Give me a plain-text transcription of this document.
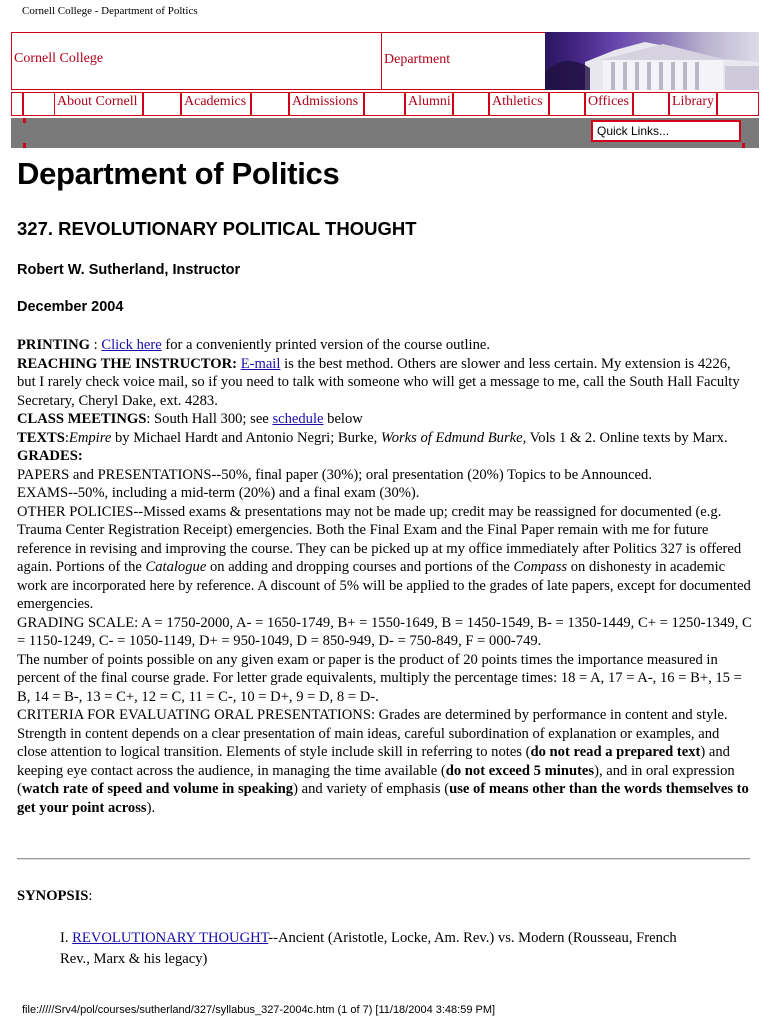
Cornell College - Department of Poltics
Cornell College	Department
About Cornell	Academics	Admissions	Alumni	Athletics	Offices	Library
Quick Links...
Department of Politics
327. REVOLUTIONARY POLITICAL THOUGHT
Robert W. Sutherland, Instructor
December 2004

PRINTING : Click here for a conveniently printed version of the course outline.

REACHING THE INSTRUCTOR: E-mail is the best method. Others are slower and less certain. My extension is 4226, but I rarely check voice mail, so if you need to talk with someone who will get a message to me, call the South Hall Faculty Secretary, Cheryl Dake, ext. 4283.

CLASS MEETINGS: South Hall 300; see schedule below

TEXTS:Empire by Michael Hardt and Antonio Negri; Burke, Works of Edmund Burke, Vols 1 & 2. Online texts by Marx.

GRADES:

PAPERS and PRESENTATIONS--50%, final paper (30%); oral presentation (20%) Topics to be Announced.

EXAMS--50%, including a mid-term (20%) and a final exam (30%).

OTHER POLICIES--Missed exams & presentations may not be made up; credit may be reassigned for documented (e.g. Trauma Center Registration Receipt) emergencies. Both the Final Exam and the Final Paper remain with me for future reference in revising and improving the course. They can be picked up at my office immediately after Politics 327 is offered again. Portions of the Catalogue on adding and dropping courses and portions of the Compass on dishonesty in academic work are incorporated here by reference. A discount of 5% will be applied to the grades of late papers, except for documented emergencies.

GRADING SCALE: A = 1750-2000, A- = 1650-1749, B+ = 1550-1649, B = 1450-1549, B- = 1350-1449, C+ = 1250-1349, C = 1150-1249, C- = 1050-1149, D+ = 950-1049, D = 850-949, D- = 750-849, F = 000-749.

The number of points possible on any given exam or paper is the product of 20 points times the importance measured in percent of the final course grade. For letter grade equivalents, multiply the percentage times: 18 = A, 17 = A-, 16 = B+, 15 = B, 14 = B-, 13 = C+, 12 = C, 11 = C-, 10 = D+, 9 = D, 8 = D-.

CRITERIA FOR EVALUATING ORAL PRESENTATIONS: Grades are determined by performance in content and style. Strength in content depends on a clear presentation of main ideas, careful subordination of explanation or examples, and close attention to logical transition. Elements of style include skill in referring to notes (do not read a prepared text) and keeping eye contact across the audience, in managing the time available (do not exceed 5 minutes), and in oral expression (watch rate of speed and volume in speaking) and variety of emphasis (use of means other than the words themselves to get your point across).

SYNOPSIS:
I. REVOLUTIONARY THOUGHT--Ancient (Aristotle, Locke, Am. Rev.) vs. Modern (Rousseau, French Rev., Marx & his legacy)
file://///Srv4/pol/courses/sutherland/327/syllabus_327-2004c.htm (1 of 7) [11/18/2004 3:48:59 PM]
